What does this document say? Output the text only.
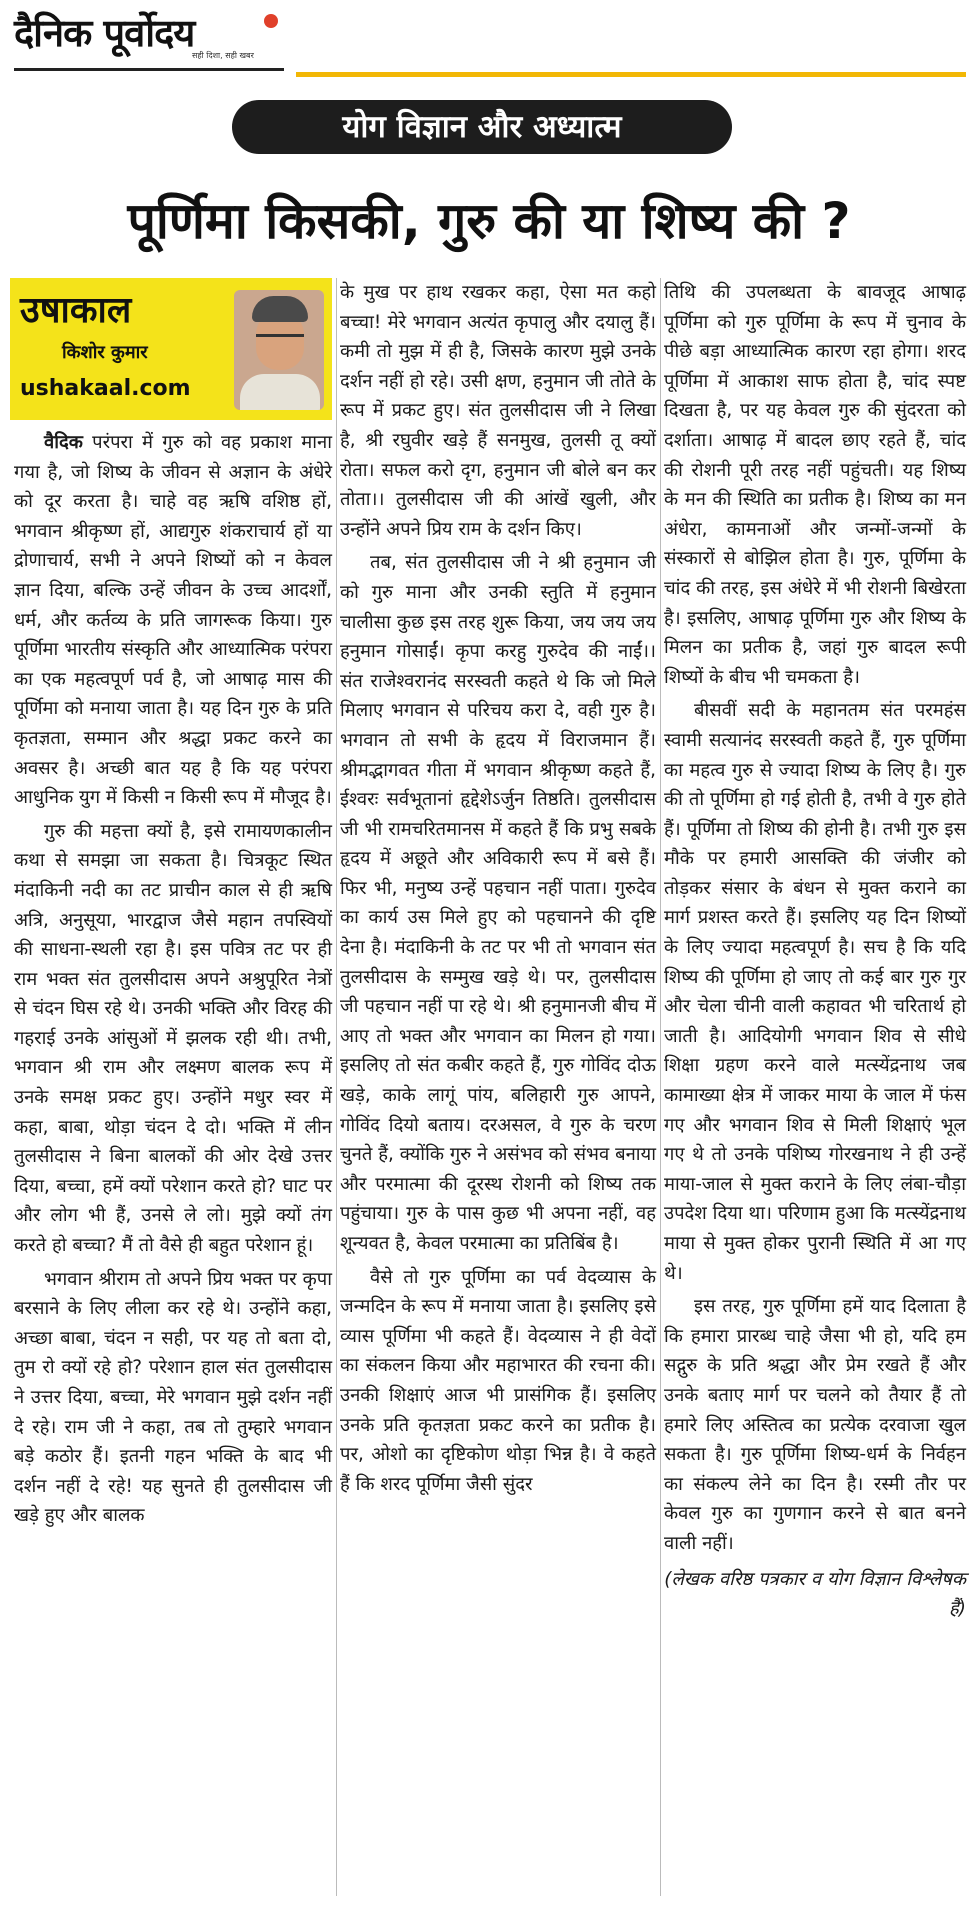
दैनिक पूर्वोदय
सही दिशा, सही खबर
योग विज्ञान और अध्यात्म
पूर्णिमा किसकी, गुरु की या शिष्य की ?
उषाकाल
किशोर कुमार
ushakaal.com

वैदिक परंपरा में गुरु को वह प्रकाश माना गया है, जो शिष्य के जीवन से अज्ञान के अंधेरे को दूर करता है। चाहे वह ऋषि वशिष्ठ हों, भगवान श्रीकृष्ण हों, आद्यगुरु शंकराचार्य हों या द्रोणाचार्य, सभी ने अपने शिष्यों को न केवल ज्ञान दिया, बल्कि उन्हें जीवन के उच्च आदर्शों, धर्म, और कर्तव्य के प्रति जागरूक किया। गुरु पूर्णिमा भारतीय संस्कृति और आध्यात्मिक परंपरा का एक महत्वपूर्ण पर्व है, जो आषाढ़ मास की पूर्णिमा को मनाया जाता है। यह दिन गुरु के प्रति कृतज्ञता, सम्मान और श्रद्धा प्रकट करने का अवसर है। अच्छी बात यह है कि यह परंपरा आधुनिक युग में किसी न किसी रूप में मौजूद है।

गुरु की महत्ता क्यों है, इसे रामायणकालीन कथा से समझा जा सकता है। चित्रकूट स्थित मंदाकिनी नदी का तट प्राचीन काल से ही ऋषि अत्रि, अनुसूया, भारद्वाज जैसे महान तपस्वियों की साधना-स्थली रहा है। इस पवित्र तट पर ही राम भक्त संत तुलसीदास अपने अश्रुपूरित नेत्रों से चंदन घिस रहे थे। उनकी भक्ति और विरह की गहराई उनके आंसुओं में झलक रही थी। तभी, भगवान श्री राम और लक्ष्मण बालक रूप में उनके समक्ष प्रकट हुए। उन्होंने मधुर स्वर में कहा, बाबा, थोड़ा चंदन दे दो। भक्ति में लीन तुलसीदास ने बिना बालकों की ओर देखे उत्तर दिया, बच्चा, हमें क्यों परेशान करते हो? घाट पर और लोग भी हैं, उनसे ले लो। मुझे क्यों तंग करते हो बच्चा? मैं तो वैसे ही बहुत परेशान हूं।

भगवान श्रीराम तो अपने प्रिय भक्त पर कृपा बरसाने के लिए लीला कर रहे थे। उन्होंने कहा, अच्छा बाबा, चंदन न सही, पर यह तो बता दो, तुम रो क्यों रहे हो? परेशान हाल संत तुलसीदास ने उत्तर दिया, बच्चा, मेरे भगवान मुझे दर्शन नहीं दे रहे। राम जी ने कहा, तब तो तुम्हारे भगवान बड़े कठोर हैं। इतनी गहन भक्ति के बाद भी दर्शन नहीं दे रहे! यह सुनते ही तुलसीदास जी खड़े हुए और बालक

के मुख पर हाथ रखकर कहा, ऐसा मत कहो बच्चा! मेरे भगवान अत्यंत कृपालु और दयालु हैं। कमी तो मुझ में ही है, जिसके कारण मुझे उनके दर्शन नहीं हो रहे। उसी क्षण, हनुमान जी तोते के रूप में प्रकट हुए। संत तुलसीदास जी ने लिखा है, श्री रघुवीर खड़े हैं सनमुख, तुलसी तू क्यों रोता। सफल करो दृग, हनुमान जी बोले बन कर तोता।। तुलसीदास जी की आंखें खुली, और उन्होंने अपने प्रिय राम के दर्शन किए।

तब, संत तुलसीदास जी ने श्री हनुमान जी को गुरु माना और उनकी स्तुति में हनुमान चालीसा कुछ इस तरह शुरू किया, जय जय जय हनुमान गोसाईं। कृपा करहु गुरुदेव की नाईं।। संत राजेश्वरानंद सरस्वती कहते थे कि जो मिले मिलाए भगवान से परिचय करा दे, वही गुरु है। भगवान तो सभी के हृदय में विराजमान हैं। श्रीमद्भागवत गीता में भगवान श्रीकृष्ण कहते हैं, ईश्वरः सर्वभूतानां हृद्देशेऽर्जुन तिष्ठति। तुलसीदास जी भी रामचरितमानस में कहते हैं कि प्रभु सबके हृदय में अछूते और अविकारी रूप में बसे हैं। फिर भी, मनुष्य उन्हें पहचान नहीं पाता। गुरुदेव का कार्य उस मिले हुए को पहचानने की दृष्टि देना है। मंदाकिनी के तट पर भी तो भगवान संत तुलसीदास के सम्मुख खड़े थे। पर, तुलसीदास जी पहचान नहीं पा रहे थे। श्री हनुमानजी बीच में आए तो भक्त और भगवान का मिलन हो गया। इसलिए तो संत कबीर कहते हैं, गुरु गोविंद दोऊ खड़े, काके लागूं पांय, बलिहारी गुरु आपने, गोविंद दियो बताय। दरअसल, वे गुरु के चरण चुनते हैं, क्योंकि गुरु ने असंभव को संभव बनाया और परमात्मा की दूरस्थ रोशनी को शिष्य तक पहुंचाया। गुरु के पास कुछ भी अपना नहीं, वह शून्यवत है, केवल परमात्मा का प्रतिबिंब है।

वैसे तो गुरु पूर्णिमा का पर्व वेदव्यास के जन्मदिन के रूप में मनाया जाता है। इसलिए इसे व्यास पूर्णिमा भी कहते हैं। वेदव्यास ने ही वेदों का संकलन किया और महाभारत की रचना की। उनकी शिक्षाएं आज भी प्रासंगिक हैं। इसलिए उनके प्रति कृतज्ञता प्रकट करने का प्रतीक है। पर, ओशो का दृष्टिकोण थोड़ा भिन्न है। वे कहते हैं कि शरद पूर्णिमा जैसी सुंदर

तिथि की उपलब्धता के बावजूद आषाढ़ पूर्णिमा को गुरु पूर्णिमा के रूप में चुनाव के पीछे बड़ा आध्यात्मिक कारण रहा होगा। शरद पूर्णिमा में आकाश साफ होता है, चांद स्पष्ट दिखता है, पर यह केवल गुरु की सुंदरता को दर्शाता। आषाढ़ में बादल छाए रहते हैं, चांद की रोशनी पूरी तरह नहीं पहुंचती। यह शिष्य के मन की स्थिति का प्रतीक है। शिष्य का मन अंधेरा, कामनाओं और जन्मों-जन्मों के संस्कारों से बोझिल होता है। गुरु, पूर्णिमा के चांद की तरह, इस अंधेरे में भी रोशनी बिखेरता है। इसलिए, आषाढ़ पूर्णिमा गुरु और शिष्य के मिलन का प्रतीक है, जहां गुरु बादल रूपी शिष्यों के बीच भी चमकता है।

बीसवीं सदी के महानतम संत परमहंस स्वामी सत्यानंद सरस्वती कहते हैं, गुरु पूर्णिमा का महत्व गुरु से ज्यादा शिष्य के लिए है। गुरु की तो पूर्णिमा हो गई होती है, तभी वे गुरु होते हैं। पूर्णिमा तो शिष्य की होनी है। तभी गुरु इस मौके पर हमारी आसक्ति की जंजीर को तोड़कर संसार के बंधन से मुक्त कराने का मार्ग प्रशस्त करते हैं। इसलिए यह दिन शिष्यों के लिए ज्यादा महत्वपूर्ण है। सच है कि यदि शिष्य की पूर्णिमा हो जाए तो कई बार गुरु गुर और चेला चीनी वाली कहावत भी चरितार्थ हो जाती है। आदियोगी भगवान शिव से सीधे शिक्षा ग्रहण करने वाले मत्स्येंद्रनाथ जब कामाख्या क्षेत्र में जाकर माया के जाल में फंस गए और भगवान शिव से मिली शिक्षाएं भूल गए थे तो उनके पशिष्य गोरखनाथ ने ही उन्हें माया-जाल से मुक्त कराने के लिए लंबा-चौड़ा उपदेश दिया था। परिणाम हुआ कि मत्स्येंद्रनाथ माया से मुक्त होकर पुरानी स्थिति में आ गए थे।

इस तरह, गुरु पूर्णिमा हमें याद दिलाता है कि हमारा प्रारब्ध चाहे जैसा भी हो, यदि हम सद्गुरु के प्रति श्रद्धा और प्रेम रखते हैं और उनके बताए मार्ग पर चलने को तैयार हैं तो हमारे लिए अस्तित्व का प्रत्येक दरवाजा खुल सकता है। गुरु पूर्णिमा शिष्य-धर्म के निर्वहन का संकल्प लेने का दिन है। रस्मी तौर पर केवल गुरु का गुणगान करने से बात बनने वाली नहीं।

(लेखक वरिष्ठ पत्रकार व योग विज्ञान विश्लेषक हैं)
